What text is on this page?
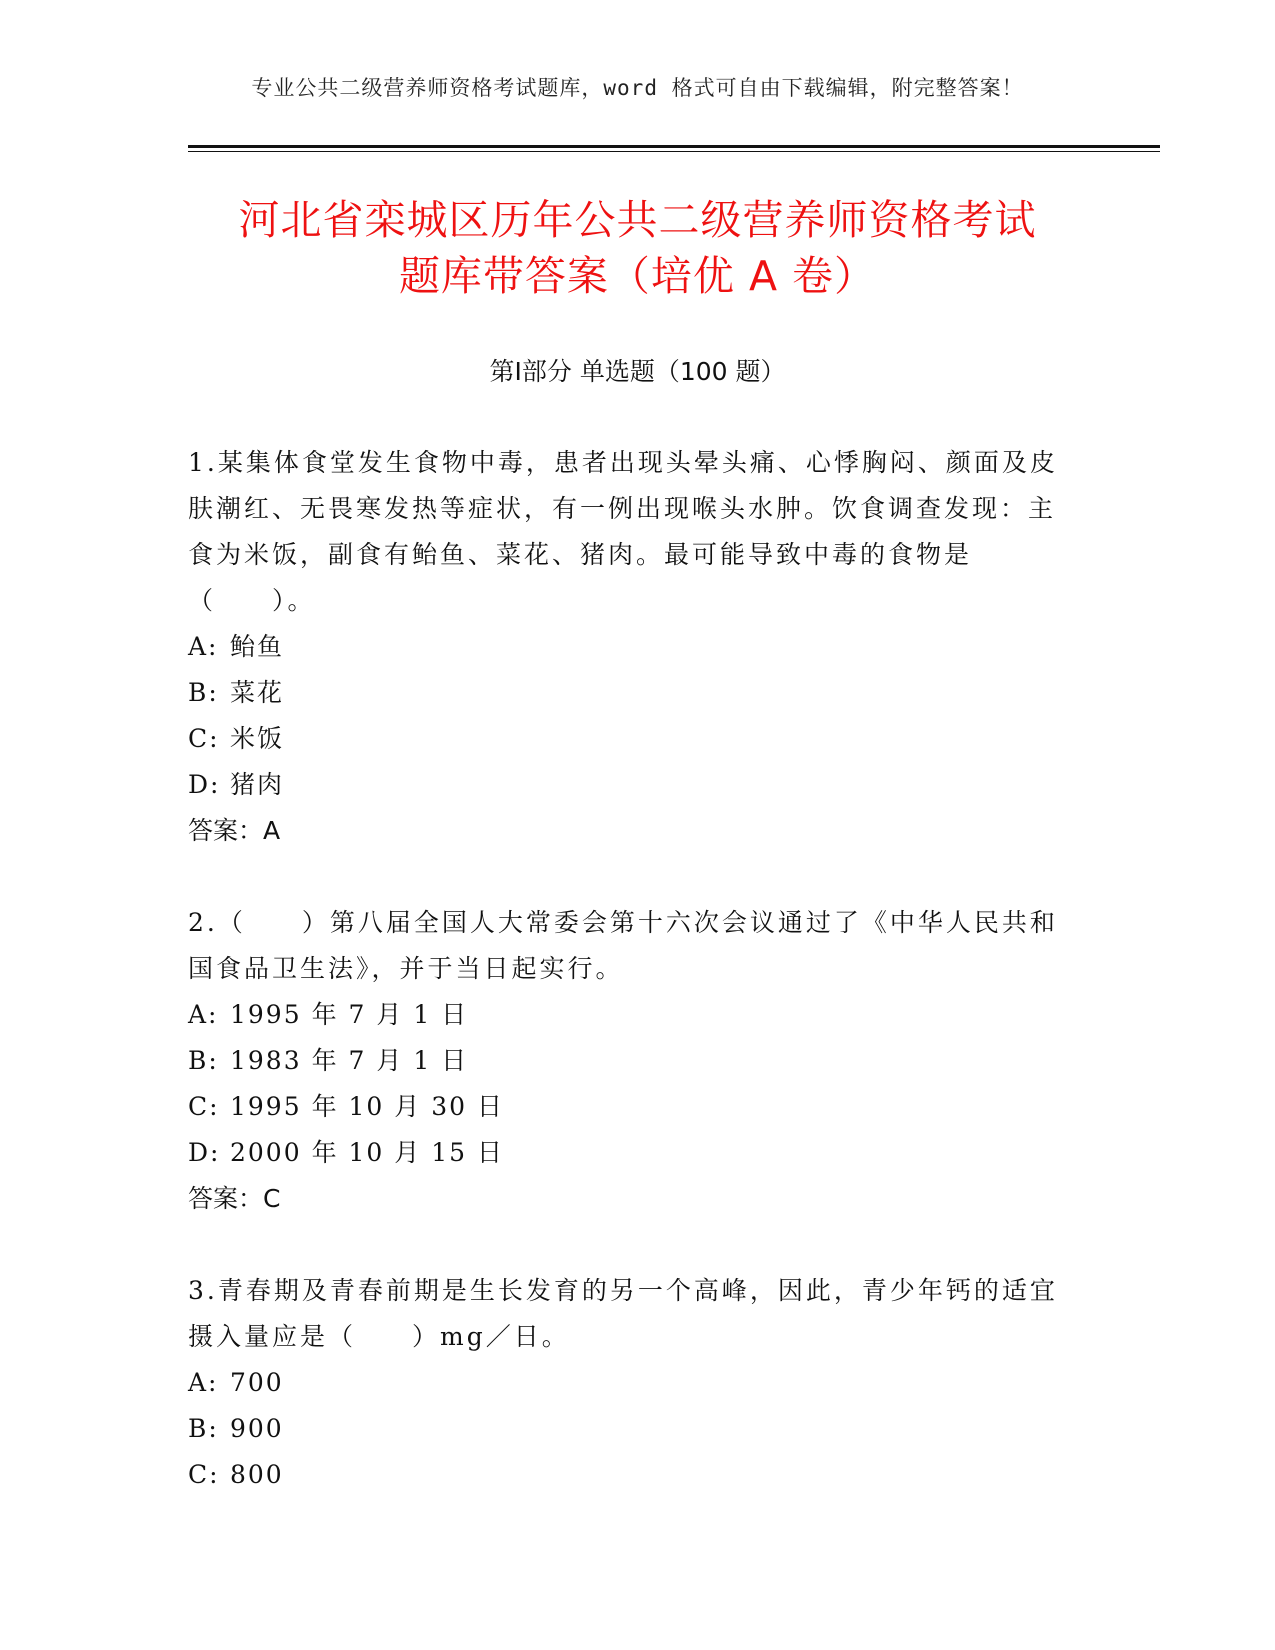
专业公共二级营养师资格考试题库，word 格式可自由下载编辑，附完整答案！
河北省栾城区历年公共二级营养师资格考试
题库带答案（培优 A 卷）
第Ⅰ部分 单选题（100 题）

1.某集体食堂发生食物中毒，患者出现头晕头痛、心悸胸闷、颜面及皮肤潮红、无畏寒发热等症状，有一例出现喉头水肿。饮食调查发现：主食为米饭，副食有鲐鱼、菜花、猪肉。最可能导致中毒的食物是（　　）。

A: 鲐鱼

B: 菜花

C: 米饭

D: 猪肉

答案：A

2.（　　）第八届全国人大常委会第十六次会议通过了《中华人民共和国食品卫生法》，并于当日起实行。

A: 1995 年 7 月 1 日

B: 1983 年 7 月 1 日

C: 1995 年 10 月 30 日

D: 2000 年 10 月 15 日

答案：C

3.青春期及青春前期是生长发育的另一个高峰，因此，青少年钙的适宜摄入量应是（　　）mg／日。

A: 700

B: 900

C: 800
